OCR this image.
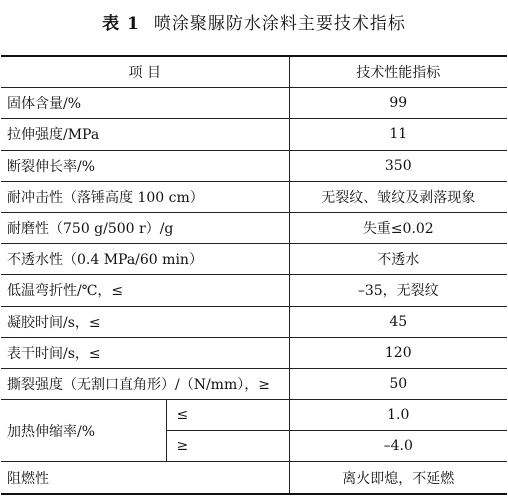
表 1 喷涂聚脲防水涂料主要技术指标
项 目		技术性能指标
固体含量/%		99
拉伸强度/MPa		11
断裂伸长率/%		350
耐冲击性（落锤高度 100 cm）		无裂纹、皱纹及剥落现象
耐磨性（750 g/500 r）/g		失重≤0.02
不透水性（0.4 MPa/60 min）		不透水
低温弯折性/℃，≤		–35，无裂纹
凝胶时间/s，≤		45
表干时间/s，≤		120
撕裂强度（无割口直角形）/（N/mm），≥		50
加热伸缩率/%	≤	1.0
	≥	–4.0
阻燃性		离火即熄，不延燃
